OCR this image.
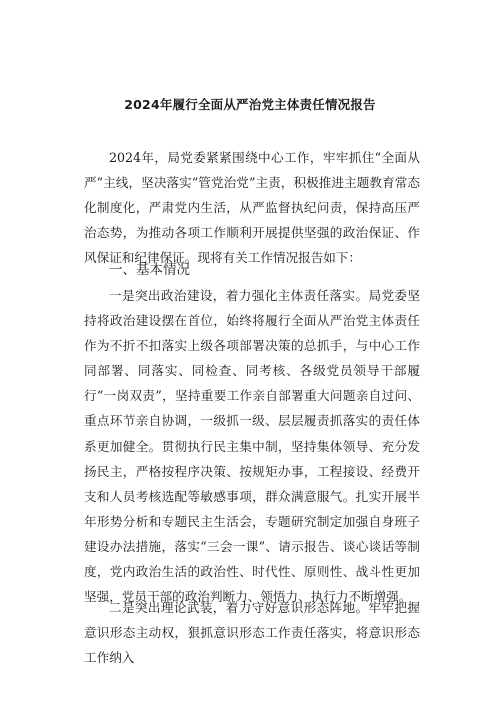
2024年履行全面从严治党主体责任情况报告

2024年，局党委紧紧围绕中心工作，牢牢抓住“全面从严”主线，坚决落实“管党治党”主责，积极推进主题教育常态化制度化，严肃党内生活，从严监督执纪问责，保持高压严治态势，为推动各项工作顺利开展提供坚强的政治保证、作风保证和纪律保证。现将有关工作情况报告如下：

一、基本情况

一是突出政治建设，着力强化主体责任落实。局党委坚持将政治建设摆在首位，始终将履行全面从严治党主体责任作为不折不扣落实上级各项部署决策的总抓手，与中心工作同部署、同落实、同检查、同考核、各级党员领导干部履行“一岗双责”，坚持重要工作亲自部署重大问题亲自过问、重点环节亲自协调，一级抓一级、层层履责抓落实的责任体系更加健全。贯彻执行民主集中制，坚持集体领导、充分发扬民主，严格按程序决策、按规矩办事，工程接设、经费开支和人员考核选配等敏感事项，群众满意服气。扎实开展半年形势分析和专题民主生活会，专题研究制定加强自身班子建设办法措施，落实“三会一课”、请示报告、谈心谈话等制度，党内政治生活的政治性、时代性、原则性、战斗性更加坚强，党员干部的政治判断力、领悟力、执行力不断增强。

二是突出理论武装，着力守好意识形态阵地。牢牢把握意识形态主动权，狠抓意识形态工作责任落实，将意识形态工作纳入
